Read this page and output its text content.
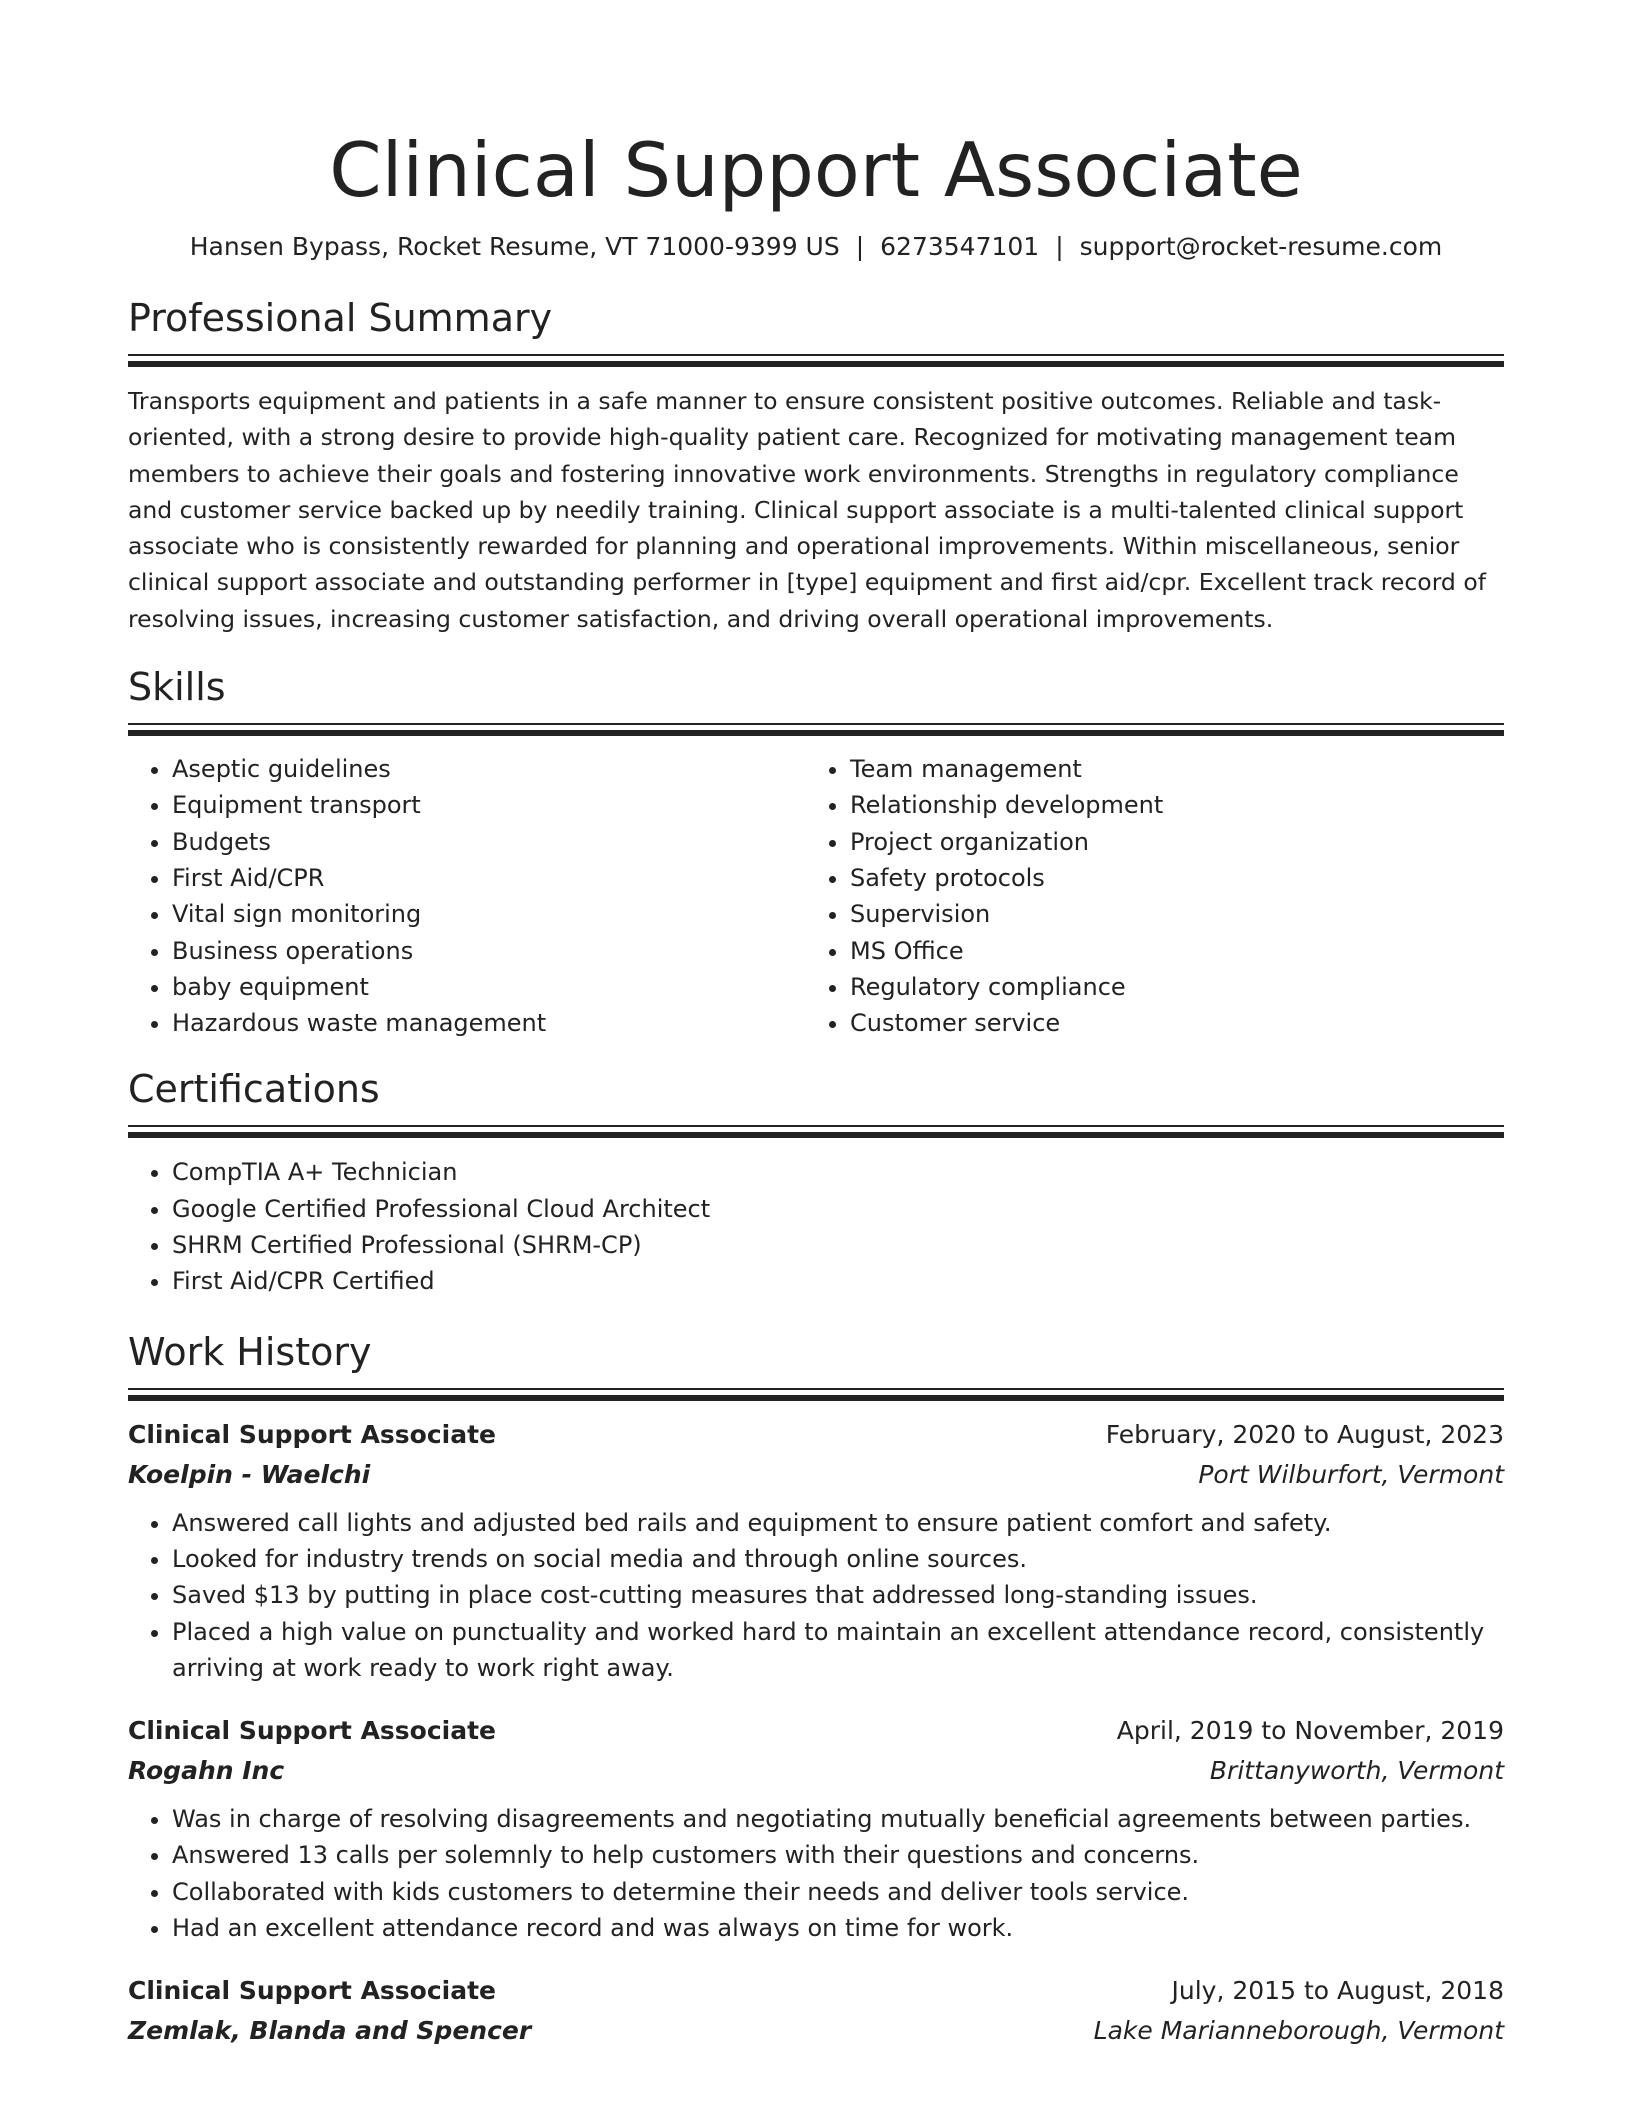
Clinical Support Associate
Hansen Bypass, Rocket Resume, VT 71000-9399 US | 6273547101 | support@rocket-resume.com
Professional Summary

Transports equipment and patients in a safe manner to ensure consistent positive outcomes. Reliable and task-oriented, with a strong desire to provide high-quality patient care. Recognized for motivating management team members to achieve their goals and fostering innovative work environments. Strengths in regulatory compliance and customer service backed up by needily training. Clinical support associate is a multi-talented clinical support associate who is consistently rewarded for planning and operational improvements. Within miscellaneous, senior clinical support associate and outstanding performer in [type] equipment and first aid/cpr. Excellent track record of resolving issues, increasing customer satisfaction, and driving overall operational improvements.

Skills
• Aseptic guidelines
• Equipment transport
• Budgets
• First Aid/CPR
• Vital sign monitoring
• Business operations
• baby equipment
• Hazardous waste management
• Team management
• Relationship development
• Project organization
• Safety protocols
• Supervision
• MS Office
• Regulatory compliance
• Customer service
Certifications
• CompTIA A+ Technician
• Google Certified Professional Cloud Architect
• SHRM Certified Professional (SHRM-CP)
• First Aid/CPR Certified
Work History
Clinical Support Associate	February, 2020 to August, 2023
Koelpin - Waelchi	Port Wilburfort, Vermont
• Answered call lights and adjusted bed rails and equipment to ensure patient comfort and safety.
• Looked for industry trends on social media and through online sources.
• Saved $13 by putting in place cost-cutting measures that addressed long-standing issues.
• Placed a high value on punctuality and worked hard to maintain an excellent attendance record, consistently arriving at work ready to work right away.
Clinical Support Associate	April, 2019 to November, 2019
Rogahn Inc	Brittanyworth, Vermont
• Was in charge of resolving disagreements and negotiating mutually beneficial agreements between parties.
• Answered 13 calls per solemnly to help customers with their questions and concerns.
• Collaborated with kids customers to determine their needs and deliver tools service.
• Had an excellent attendance record and was always on time for work.
Clinical Support Associate	July, 2015 to August, 2018
Zemlak, Blanda and Spencer	Lake Marianneborough, Vermont
